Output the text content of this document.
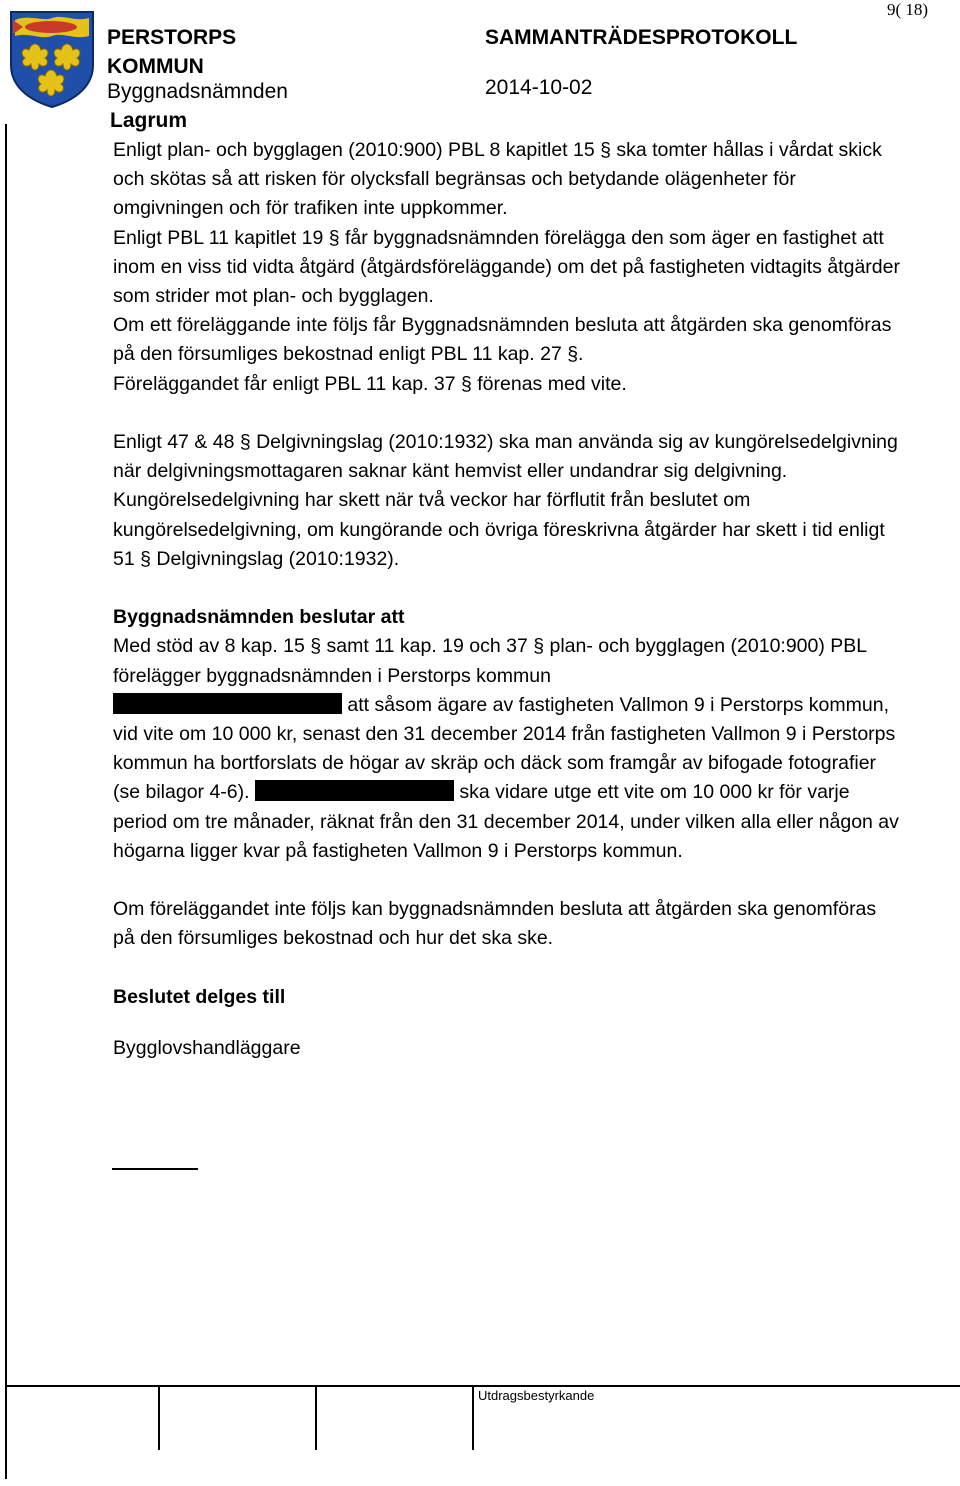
PERSTORPS
KOMMUN
Byggnadsnämnden
SAMMANTRÄDESPROTOKOLL
2014-10-02
9( 18)
Lagrum

Enligt plan- och bygglagen (2010:900) PBL 8 kapitlet 15 § ska tomter hållas i vårdat skick och skötas så att risken för olycksfall begränsas och betydande olägenheter för omgivningen och för trafiken inte uppkommer.

Enligt PBL 11 kapitlet 19 § får byggnadsnämnden förelägga den som äger en fastighet att inom en viss tid vidta åtgärd (åtgärdsföreläggande) om det på fastigheten vidtagits åtgärder som strider mot plan- och bygglagen.

Om ett föreläggande inte följs får Byggnadsnämnden besluta att åtgärden ska genomföras på den försumliges bekostnad enligt PBL 11 kap. 27 §.

Föreläggandet får enligt PBL 11 kap. 37 § förenas med vite.

Enligt 47 & 48 § Delgivningslag (2010:1932) ska man använda sig av kungörelsedelgivning när delgivningsmottagaren saknar känt hemvist eller undandrar sig delgivning.

Kungörelsedelgivning har skett när två veckor har förflutit från beslutet om kungörelsedelgivning, om kungörande och övriga föreskrivna åtgärder har skett i tid enligt 51 § Delgivningslag (2010:1932).

Byggnadsnämnden beslutar att

Med stöd av 8 kap. 15 § samt 11 kap. 19 och 37 § plan- och bygglagen (2010:900) PBL förelägger byggnadsnämnden i Perstorps kommun
att såsom ägare av fastigheten Vallmon 9 i Perstorps kommun, vid vite om 10 000 kr, senast den 31 december 2014 från fastigheten Vallmon 9 i Perstorps kommun ha bortforslats de högar av skräp och däck som framgår av bifogade fotografier (se bilagor 4-6).	ska vidare utge ett vite om 10 000 kr för varje period om tre månader, räknat från den 31 december 2014, under vilken alla eller någon av högarna ligger kvar på fastigheten Vallmon 9 i Perstorps kommun.

Om föreläggandet inte följs kan byggnadsnämnden besluta att åtgärden ska genomföras på den försumliges bekostnad och hur det ska ske.

Beslutet delges till

Bygglovshandläggare

Utdragsbestyrkande
